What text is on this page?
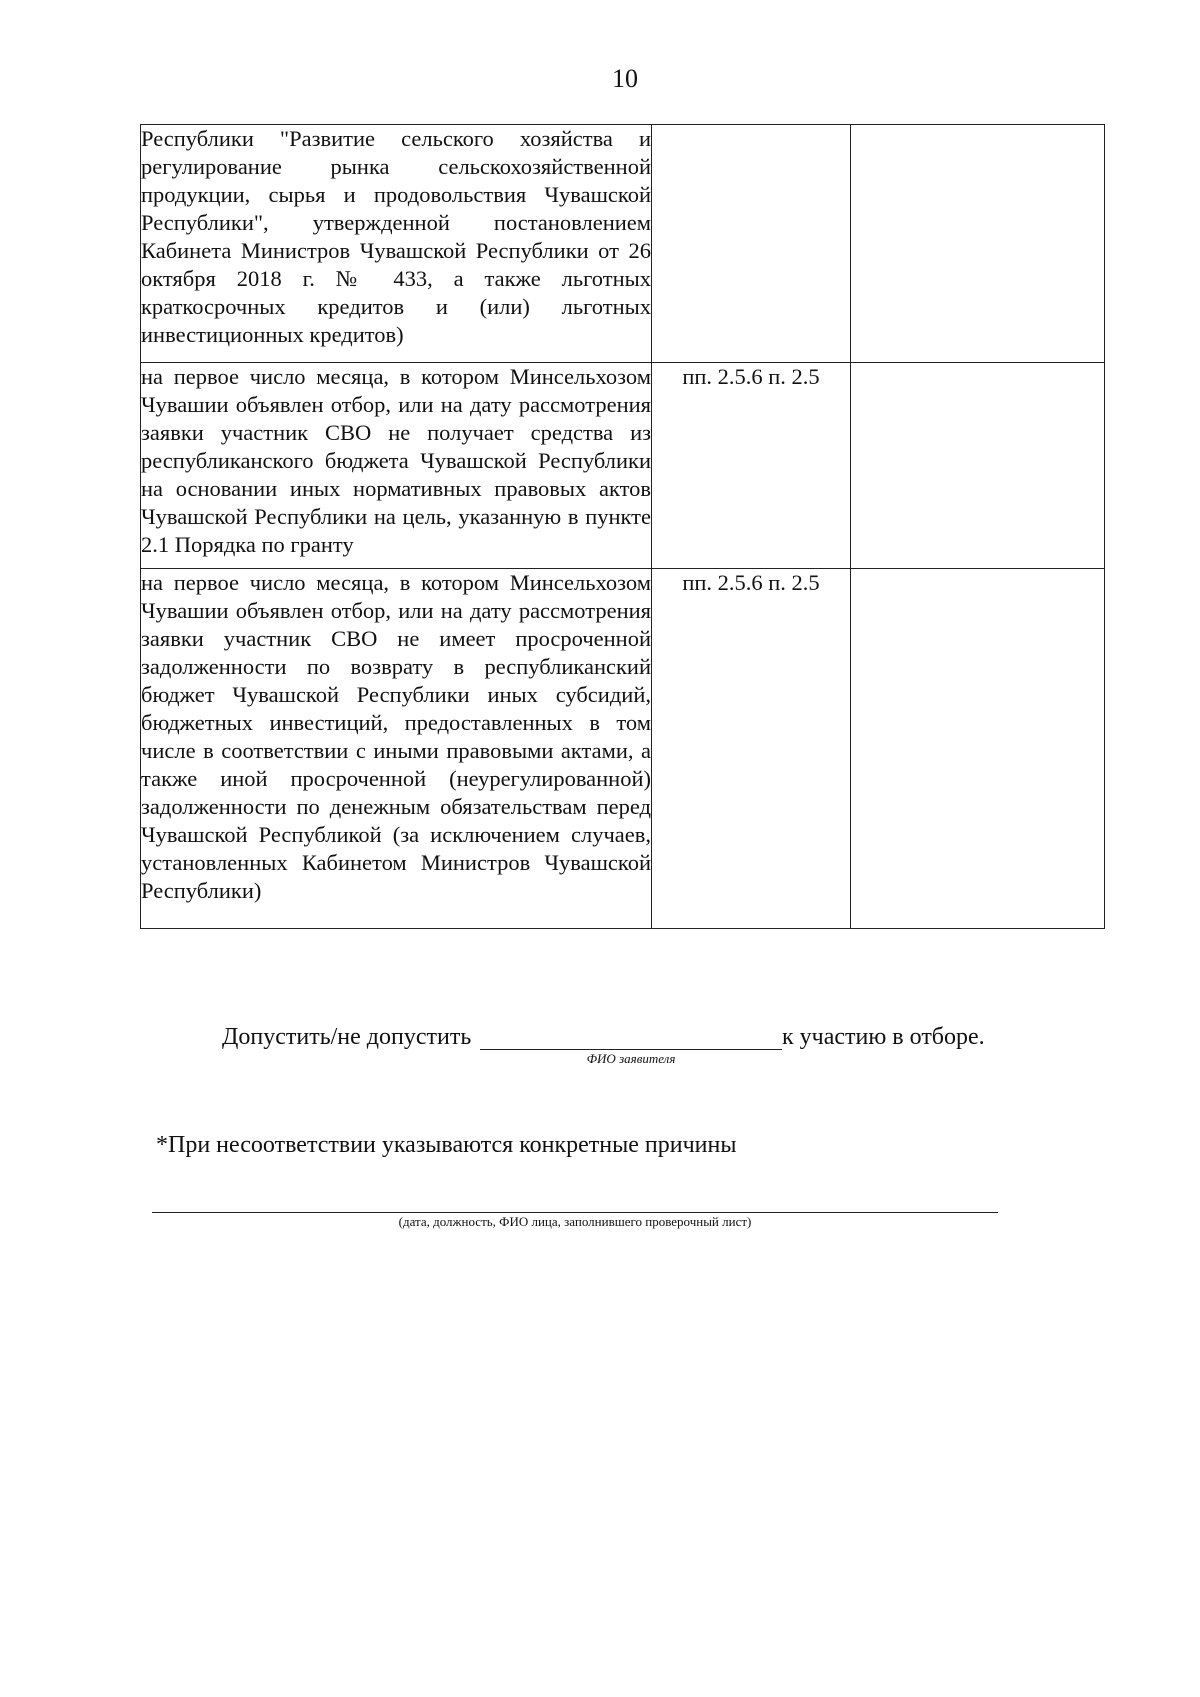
10
Республики "Развитие сельского хозяйства и регулирование рынка сельскохозяйственной продукции, сырья и продовольствия Чувашской Республики", утвержденной постановлением Кабинета Министров Чувашской Республики от 26 октября 2018 г. № 433, а также льготных краткосрочных кредитов и (или) льготных инвестиционных кредитов)		
на первое число месяца, в котором Минсельхозом Чувашии объявлен отбор, или на дату рассмотрения заявки участник СВО не получает средства из республиканского бюджета Чувашской Республики на основании иных нормативных правовых актов Чувашской Республики на цель, указанную в пункте 2.1 Порядка по гранту	пп. 2.5.6 п. 2.5	
на первое число месяца, в котором Минсельхозом Чувашии объявлен отбор, или на дату рассмотрения заявки участник СВО не имеет просроченной задолженности по возврату в республиканский бюджет Чувашской Республики иных субсидий, бюджетных инвестиций, предоставленных в том числе в соответствии с иными правовыми актами, а также иной просроченной (неурегулированной) задолженности по денежным обязательствам перед Чувашской Республикой (за исключением случаев, установленных Кабинетом Министров Чувашской Республики)	пп. 2.5.6 п. 2.5	
Допустить/не допустить	к участию в отборе.
ФИО заявителя
*При несоответствии указываются конкретные причины
(дата, должность, ФИО лица, заполнившего проверочный лист)
